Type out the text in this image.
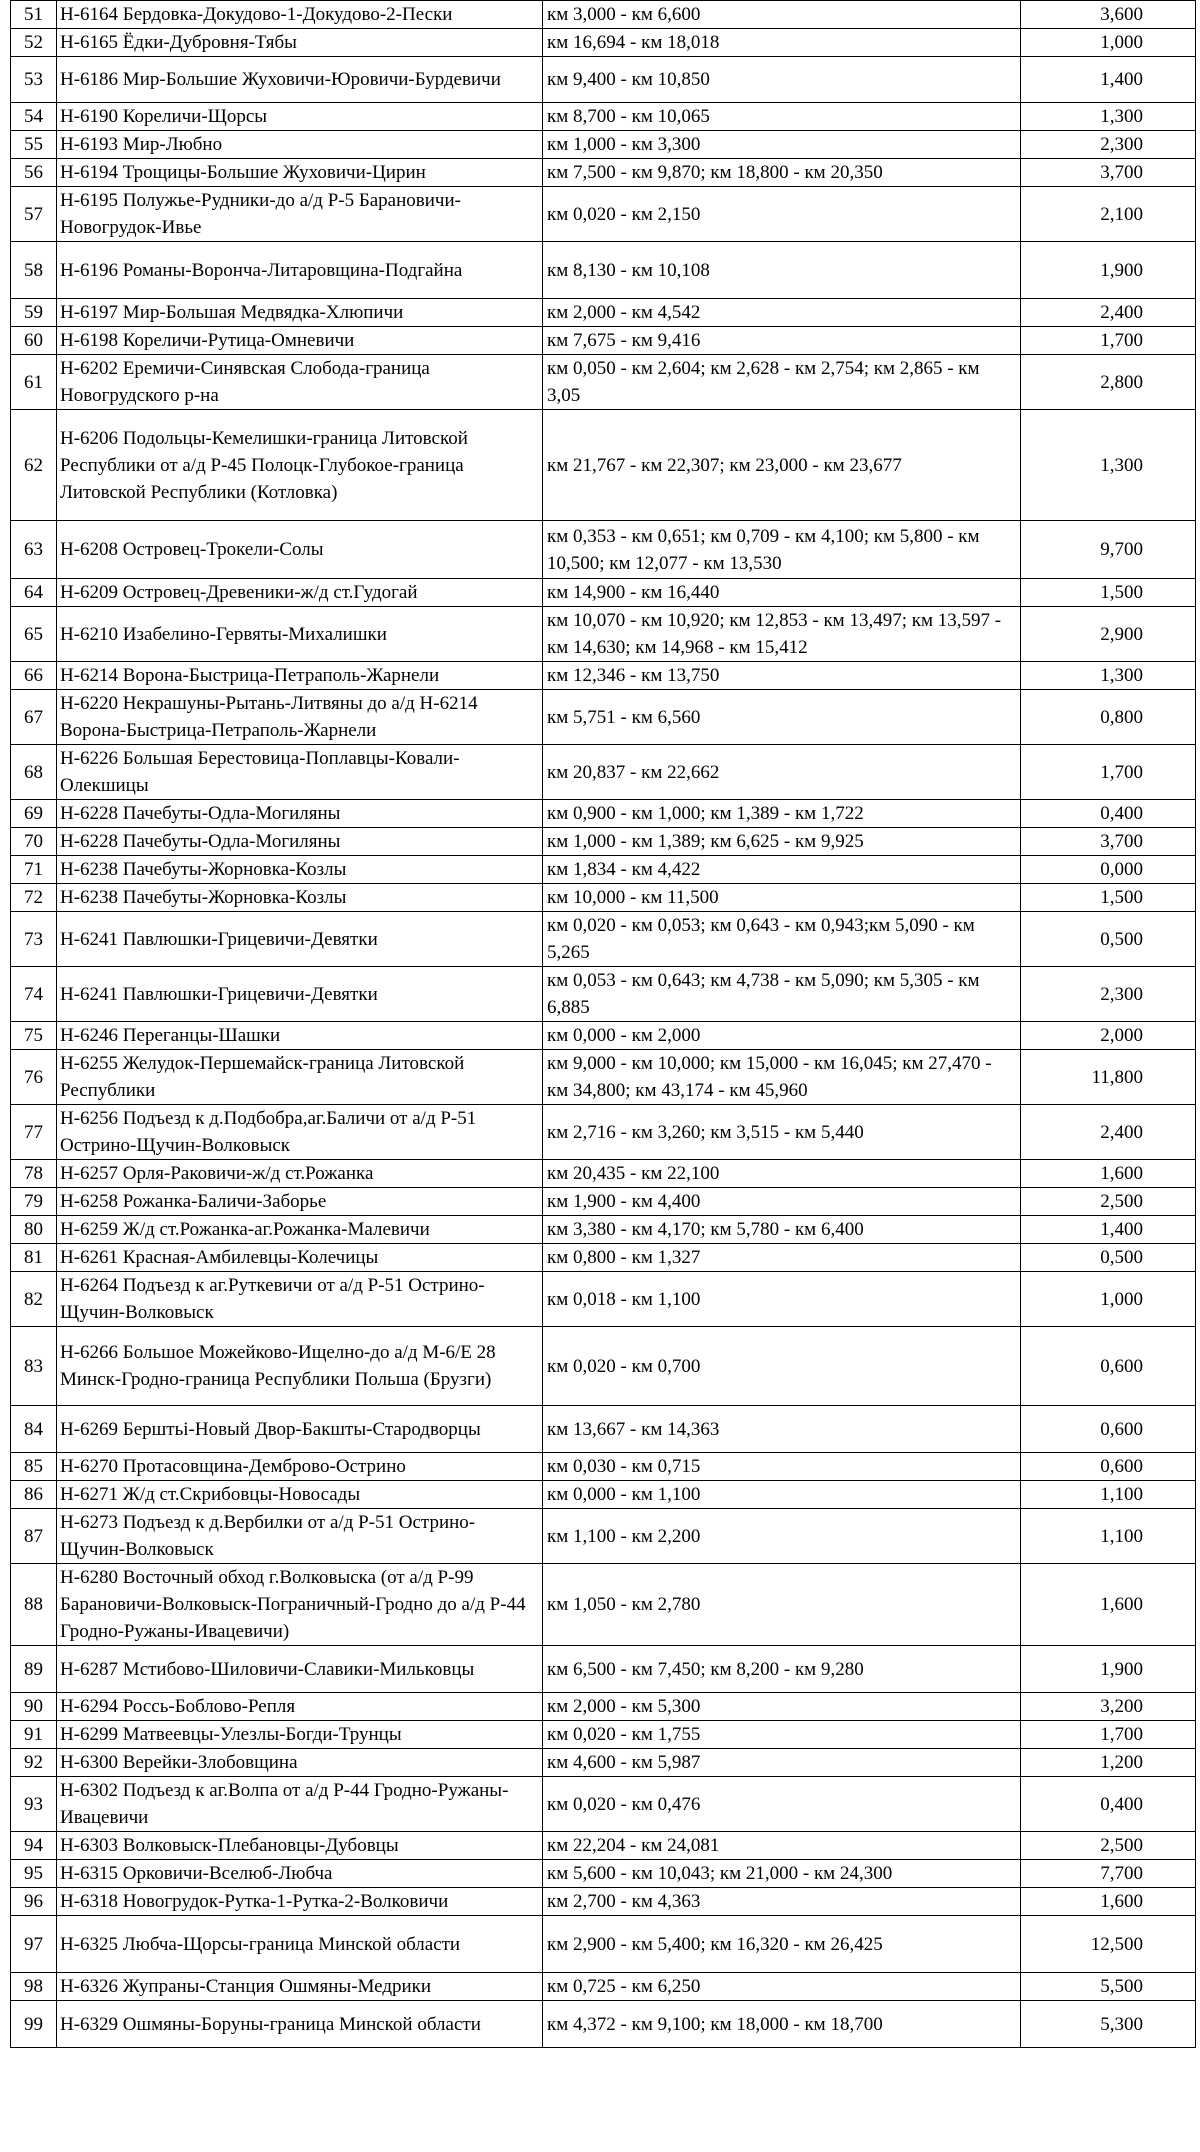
51	Н-6164 Бердовка-Докудово-1-Докудово-2-Пески	км 3,000 - км 6,600	3,600
52	Н-6165 Ёдки-Дубровня-Тябы	км 16,694 - км 18,018	1,000
53	Н-6186 Мир-Большие Жуховичи-Юровичи-Бурдевичи	км 9,400 - км 10,850	1,400
54	Н-6190 Кореличи-Щорсы	км 8,700 - км 10,065	1,300
55	Н-6193 Мир-Любно	км 1,000 - км 3,300	2,300
56	Н-6194 Трощицы-Большие Жуховичи-Цирин	км 7,500 - км 9,870; км 18,800 - км 20,350	3,700
57	Н-6195 Полужье-Рудники-до а/д Р-5 Барановичи-Новогрудок-Ивье	км 0,020 - км 2,150	2,100
58	Н-6196 Романы-Ворончa-Литаровщина-Подгайна	км 8,130 - км 10,108	1,900
59	Н-6197 Мир-Большая Медвядка-Хлюпичи	км 2,000 - км 4,542	2,400
60	Н-6198 Кореличи-Рутица-Омневичи	км 7,675 - км 9,416	1,700
61	Н-6202 Еремичи-Синявская Слобода-граница Новогрудского р-на	км 0,050 - км 2,604; км 2,628 - км 2,754; км 2,865 - км 3,05	2,800
62	Н-6206 Подольцы-Кемелишки-граница Литовской Республики от а/д Р-45 Полоцк-Глубокое-граница Литовской Республики (Котловка)	км 21,767 - км 22,307; км 23,000 - км 23,677	1,300
63	Н-6208 Островец-Трокели-Солы	км 0,353 - км 0,651; км 0,709 - км 4,100; км 5,800 - км 10,500; км 12,077 - км 13,530	9,700
64	Н-6209 Островец-Древеники-ж/д ст.Гудогай	км 14,900 - км 16,440	1,500
65	Н-6210 Изабелино-Гервяты-Михалишки	км 10,070 - км 10,920; км 12,853 - км 13,497; км 13,597 - км 14,630; км 14,968 - км 15,412	2,900
66	Н-6214 Ворона-Быстрица-Петраполь-Жарнели	км 12,346 - км 13,750	1,300
67	Н-6220 Некрашуны-Рытань-Литвяны до а/д Н-6214 Ворона-Быстрица-Петраполь-Жарнели	км 5,751 - км 6,560	0,800
68	Н-6226 Большая Берестовица-Поплавцы-Ковали-Олекшицы	км 20,837 - км 22,662	1,700
69	Н-6228 Пачебуты-Одла-Могиляны	км 0,900 - км 1,000; км 1,389 - км 1,722	0,400
70	Н-6228 Пачебуты-Одла-Могиляны	км 1,000 - км 1,389; км 6,625 - км 9,925	3,700
71	Н-6238 Пачебуты-Жорновка-Козлы	км 1,834 - км 4,422	0,000
72	Н-6238 Пачебуты-Жорновка-Козлы	км 10,000 - км 11,500	1,500
73	Н-6241 Павлюшки-Грицевичи-Девятки	км 0,020 - км 0,053; км 0,643 - км 0,943;км 5,090 - км 5,265	0,500
74	Н-6241 Павлюшки-Грицевичи-Девятки	км 0,053 - км 0,643; км 4,738 - км 5,090; км 5,305 - км 6,885	2,300
75	Н-6246 Переганцы-Шашки	км 0,000 - км 2,000	2,000
76	Н-6255 Желудок-Першемайск-граница Литовской Республики	км 9,000 - км 10,000; км 15,000 - км 16,045; км 27,470 - км 34,800; км 43,174 - км 45,960	11,800
77	Н-6256 Подъезд к д.Подбобра,аг.Баличи от а/д Р-51 Остринo-Щучин-Волковыск	км 2,716 - км 3,260; км 3,515 - км 5,440	2,400
78	Н-6257 Орля-Раковичи-ж/д ст.Рожанка	км 20,435 - км 22,100	1,600
79	Н-6258 Рожанка-Баличи-Заборье	км 1,900 - км 4,400	2,500
80	Н-6259 Ж/д ст.Рожанка-аг.Рожанка-Малевичи	км 3,380 - км 4,170; км 5,780 - км 6,400	1,400
81	Н-6261 Красная-Амбилевцы-Колечицы	км 0,800 - км 1,327	0,500
82	Н-6264 Подъезд к аг.Руткевичи от а/д Р-51 Остринo-Щучин-Волковыск	км 0,018 - км 1,100	1,000
83	Н-6266 Большое Можейково-Ищелно-до а/д М-6/Е 28 Минск-Гродно-граница Республики Польша (Брузги)	км 0,020 - км 0,700	0,600
84	Н-6269 Берштьi-Новый Двор-Бакшты-Стародворцы	км 13,667 - км 14,363	0,600
85	Н-6270 Протасовщина-Демброво-Остринo	км 0,030 - км 0,715	0,600
86	Н-6271 Ж/д ст.Скрибовцы-Новосады	км 0,000 - км 1,100	1,100
87	Н-6273 Подъезд к д.Вербилки от а/д Р-51 Остринo-Щучин-Волковыск	км 1,100 - км 2,200	1,100
88	Н-6280 Восточный обход г.Волковыска (от а/д Р-99 Барановичи-Волковыск-Пограничный-Гродно до а/д Р-44 Гродно-Ружаны-Ивацевичи)	км 1,050 - км 2,780	1,600
89	Н-6287 Мстибово-Шиловичи-Славики-Мильковцы	км 6,500 - км 7,450; км 8,200 - км 9,280	1,900
90	Н-6294 Россь-Боблово-Репля	км 2,000 - км 5,300	3,200
91	Н-6299 Матвеевцы-Улезлы-Богди-Трунцы	км 0,020 - км 1,755	1,700
92	Н-6300 Верейки-Злобовщина	км 4,600 - км 5,987	1,200
93	Н-6302 Подъезд к аг.Волпа от а/д Р-44 Гродно-Ружаны-Ивацевичи	км 0,020 - км 0,476	0,400
94	Н-6303 Волковыск-Плебановцы-Дубовцы	км 22,204 - км 24,081	2,500
95	Н-6315 Орковичи-Вселюб-Любча	км 5,600 - км 10,043; км 21,000 - км 24,300	7,700
96	Н-6318 Новогрудок-Рутка-1-Рутка-2-Волковичи	км 2,700 - км 4,363	1,600
97	Н-6325 Любча-Щорсы-граница Минской области	км 2,900 - км 5,400; км 16,320 - км 26,425	12,500
98	Н-6326 Жупраны-Станция Ошмяны-Медрики	км 0,725 - км 6,250	5,500
99	Н-6329 Ошмяны-Боруны-граница Минской области	км 4,372 - км 9,100; км 18,000 - км 18,700	5,300
